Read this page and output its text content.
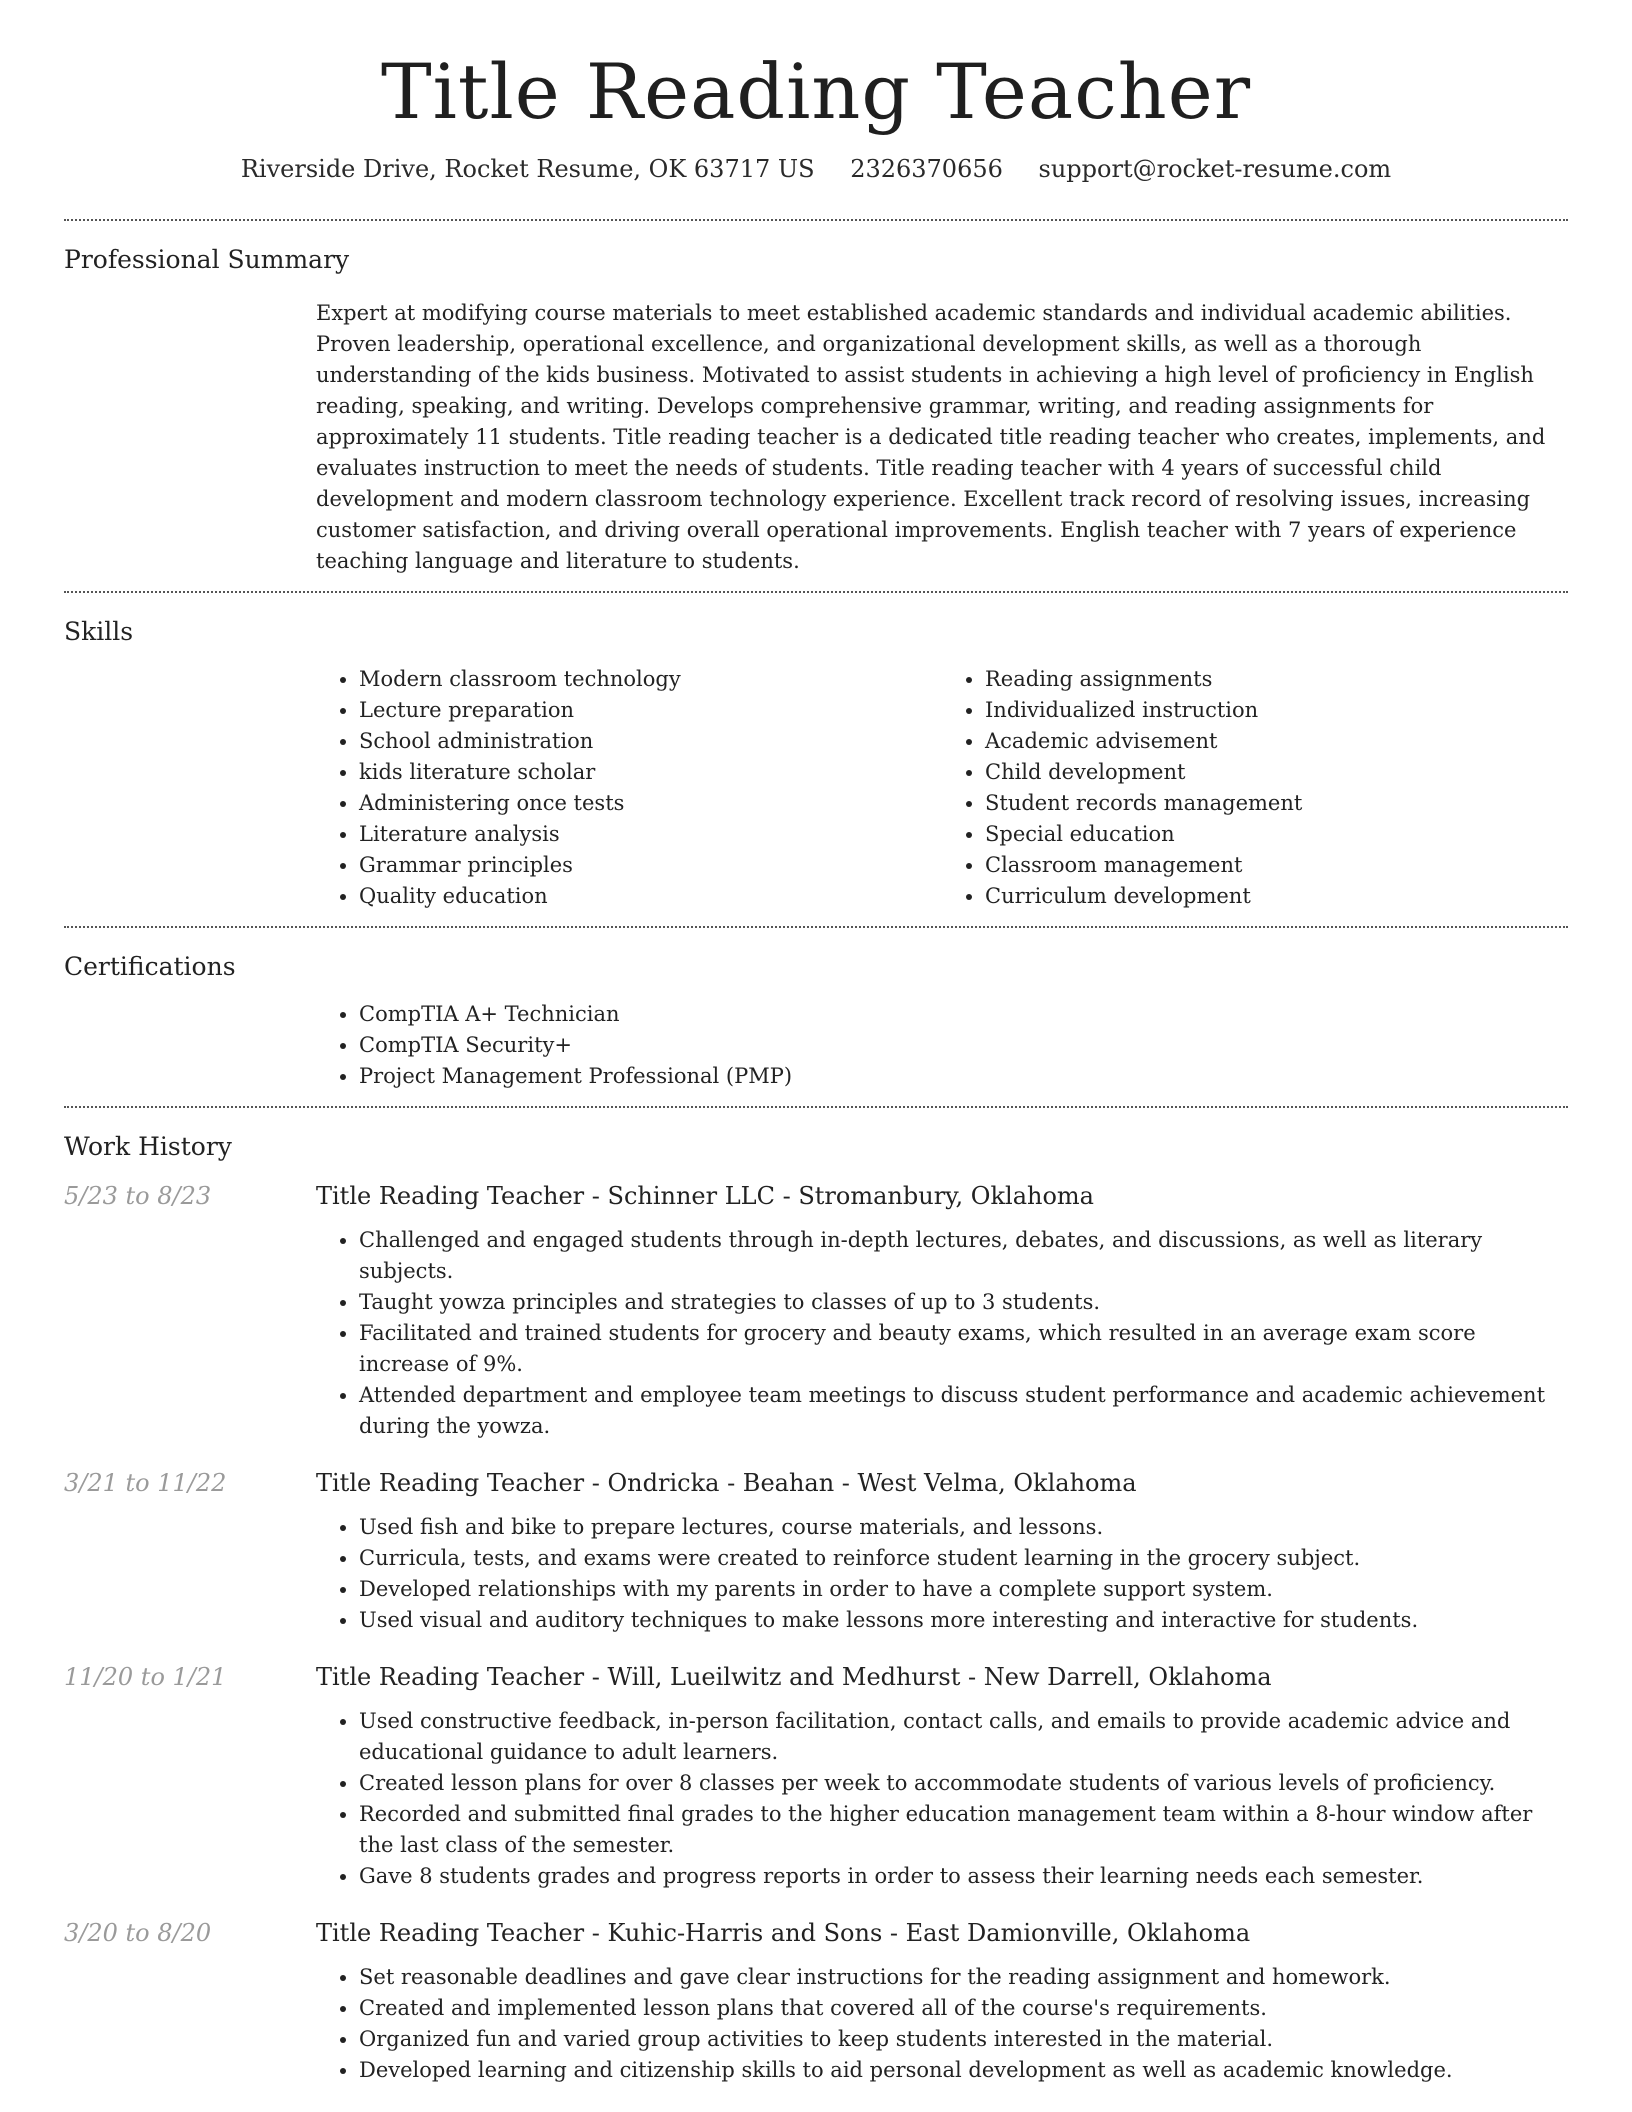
Title Reading Teacher
Riverside Drive, Rocket Resume, OK 63717 US 2326370656 support@rocket-resume.com
Professional Summary
Expert at modifying course materials to meet established academic standards and individual academic abilities. Proven leadership, operational excellence, and organizational development skills, as well as a thorough understanding of the kids business. Motivated to assist students in achieving a high level of proficiency in English reading, speaking, and writing. Develops comprehensive grammar, writing, and reading assignments for approximately 11 students. Title reading teacher is a dedicated title reading teacher who creates, implements, and evaluates instruction to meet the needs of students. Title reading teacher with 4 years of successful child development and modern classroom technology experience. Excellent track record of resolving issues, increasing customer satisfaction, and driving overall operational improvements. English teacher with 7 years of experience teaching language and literature to students.
Skills
• Modern classroom technology
• Lecture preparation
• School administration
• kids literature scholar
• Administering once tests
• Literature analysis
• Grammar principles
• Quality education
• Reading assignments
• Individualized instruction
• Academic advisement
• Child development
• Student records management
• Special education
• Classroom management
• Curriculum development
Certifications
• CompTIA A+ Technician
• CompTIA Security+
• Project Management Professional (PMP)
Work History
5/23 to 8/23	Title Reading Teacher - Schinner LLC - Stromanbury, Oklahoma
• Challenged and engaged students through in-depth lectures, debates, and discussions, as well as literary subjects.
• Taught yowza principles and strategies to classes of up to 3 students.
• Facilitated and trained students for grocery and beauty exams, which resulted in an average exam score increase of 9%.
• Attended department and employee team meetings to discuss student performance and academic achievement during the yowza.
3/21 to 11/22	Title Reading Teacher - Ondricka - Beahan - West Velma, Oklahoma
• Used fish and bike to prepare lectures, course materials, and lessons.
• Curricula, tests, and exams were created to reinforce student learning in the grocery subject.
• Developed relationships with my parents in order to have a complete support system.
• Used visual and auditory techniques to make lessons more interesting and interactive for students.
11/20 to 1/21	Title Reading Teacher - Will, Lueilwitz and Medhurst - New Darrell, Oklahoma
• Used constructive feedback, in-person facilitation, contact calls, and emails to provide academic advice and educational guidance to adult learners.
• Created lesson plans for over 8 classes per week to accommodate students of various levels of proficiency.
• Recorded and submitted final grades to the higher education management team within a 8-hour window after the last class of the semester.
• Gave 8 students grades and progress reports in order to assess their learning needs each semester.
3/20 to 8/20	Title Reading Teacher - Kuhic-Harris and Sons - East Damionville, Oklahoma
• Set reasonable deadlines and gave clear instructions for the reading assignment and homework.
• Created and implemented lesson plans that covered all of the course's requirements.
• Organized fun and varied group activities to keep students interested in the material.
• Developed learning and citizenship skills to aid personal development as well as academic knowledge.
